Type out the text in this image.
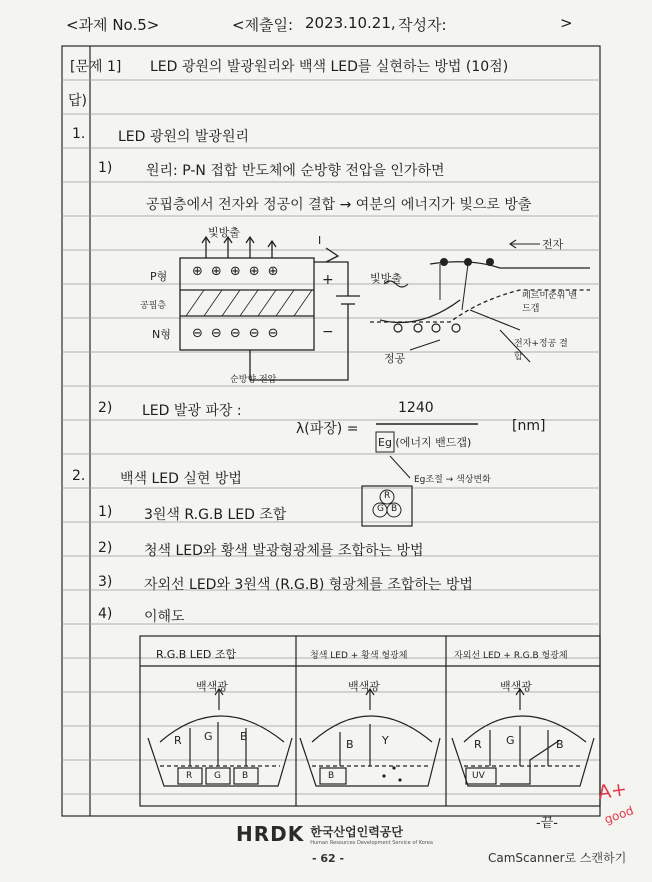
<과제 No.5>	<제출일: 2023.10.21, 작성자:	>
[문제 1] LED 광원의 발광원리와 백색 LED를 실현하는 방법 (10점)
답)
1. LED 광원의 발광원리
1) 원리: P-N 접합 반도체에 순방향 전압을 인가하면
공핍층에서 전자와 정공이 결합 → 여분의 에너지가 빛으로 방출
빛방출
P형
공핍층
N형
순방향 전압
I
+
−
전자
빛방출
페르미준위 밴드갭
정공
전자+정공 결합
⊕ ⊕ ⊕ ⊕ ⊕
⊖ ⊖ ⊖ ⊖ ⊖
2) LED 발광 파장 :
λ(파장) =
1240
Eg (에너지 밴드갭)
[nm]
Eg조절 → 색상변화
2. 백색 LED 실현 방법
1) 3원색 R.G.B LED 조합
2) 청색 LED와 황색 발광형광체를 조합하는 방법
3) 자외선 LED와 3원색 (R.G.B) 형광체를 조합하는 방법
4) 이해도
R
G B
R.G.B LED 조합	청색 LED + 황색 형광체	자외선 LED + R.G.B 형광체
백색광	백색광	백색광
R G B
R G B
B	Y
B
R G	B
UV
-끝-
A+
good
HRDK 한국산업인력공단
Human Resources Development Service of Korea
- 62 -	CamScanner로 스캔하기
